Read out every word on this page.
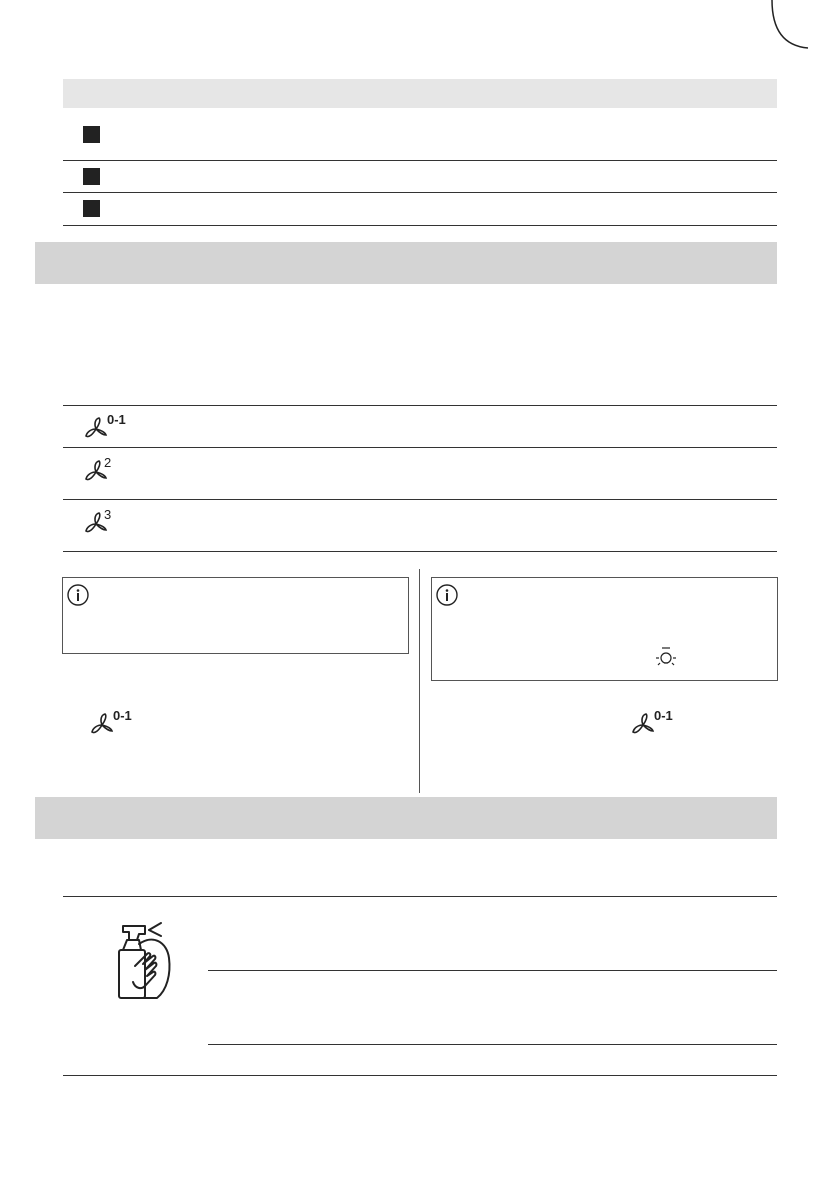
0-1
2
3
0-1	0-1
